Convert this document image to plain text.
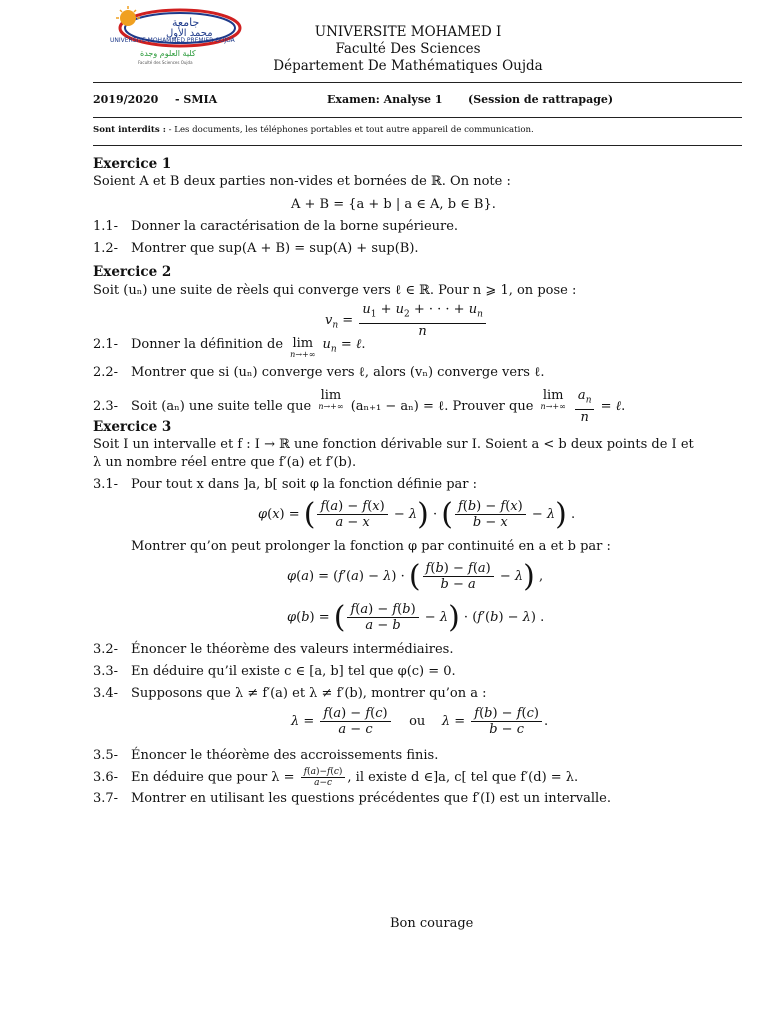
جامعة
محمد الأول
UNIVERSITE MOHAMMED PREMIER OUJDA
كلية العلوم وجدة
Faculté des Sciences Oujda
UNIVERSITE MOHAMED I
Faculté Des Sciences
Département De Mathématiques Oujda
2019/2020 - SMIA	Examen: Analyse 1 (Session de rattrapage)
Sont interdits : - Les documents, les téléphones portables et tout autre appareil de communication.
Exercice 1
Soient A et B deux parties non-vides et bornées de ℝ. On note :
A + B = {a + b | a ∈ A, b ∈ B}.
1.1- Donner la caractérisation de la borne supérieure.
1.2- Montrer que sup(A + B) = sup(A) + sup(B).
Exercice 2
Soit (uₙ) une suite de rèels qui converge vers ℓ ∈ ℝ. Pour n ⩾ 1, on pose :
$v_n = \frac{u_1 + u_2 + \cdot \cdot \cdot + u_n}{n}$
2.1- Donner la définition de lim
n→+∞
$u_n$ = ℓ.
2.2- Montrer que si (uₙ) converge vers ℓ, alors (vₙ) converge vers ℓ.
2.3- Soit (aₙ) une suite telle que
lim
n→+∞ (aₙ₊₁ − aₙ) = ℓ. Prouver que
lim
n→+∞
$\frac{a_n}{n}$ = ℓ.
Exercice 3
Soit I un intervalle et f : I → ℝ une fonction dérivable sur I. Soient a < b deux points de I et
λ un nombre réel entre que f′(a) et f′(b).
3.1- Pour tout x dans ]a, b[ soit φ la fonction définie par :
φ(x) = ( $\frac{f(a) - f(x)}{a - x} - \lambda$) · ( $\frac{f(b) - f(x)}{b - x} - \lambda$) .
Montrer qu’on peut prolonger la fonction φ par continuité en a et b par :
φ(a) = (f′(a) − λ) · ( $\frac{f(b) - f(a)}{b - a} - \lambda$) ,
φ(b) = ( $\frac{f(a) - f(b)}{a - b} - \lambda) \cdot (f'(b) - \lambda)$ .
3.2- Énoncer le théorème des valeurs intermédiaires.
3.3- En déduire qu’il existe c ∈ [a, b] tel que φ(c) = 0.
3.4- Supposons que λ ≠ f′(a) et λ ≠ f′(b), montrer qu’on a :
$\lambda = \frac{f(a) - f(c)}{a - c}$ ou $\lambda = \frac{f(b) - f(c)}{b - c}$ .
3.5- Énoncer le théorème des accroissements finis.
3.6- En déduire que pour $\lambda = \frac{f(a)-f(c)}{a-c}$ , il existe d ∈]a, c[ tel que f′(d) = λ.
3.7- Montrer en utilisant les questions précédentes que f′(I) est un intervalle.
Bon courage
